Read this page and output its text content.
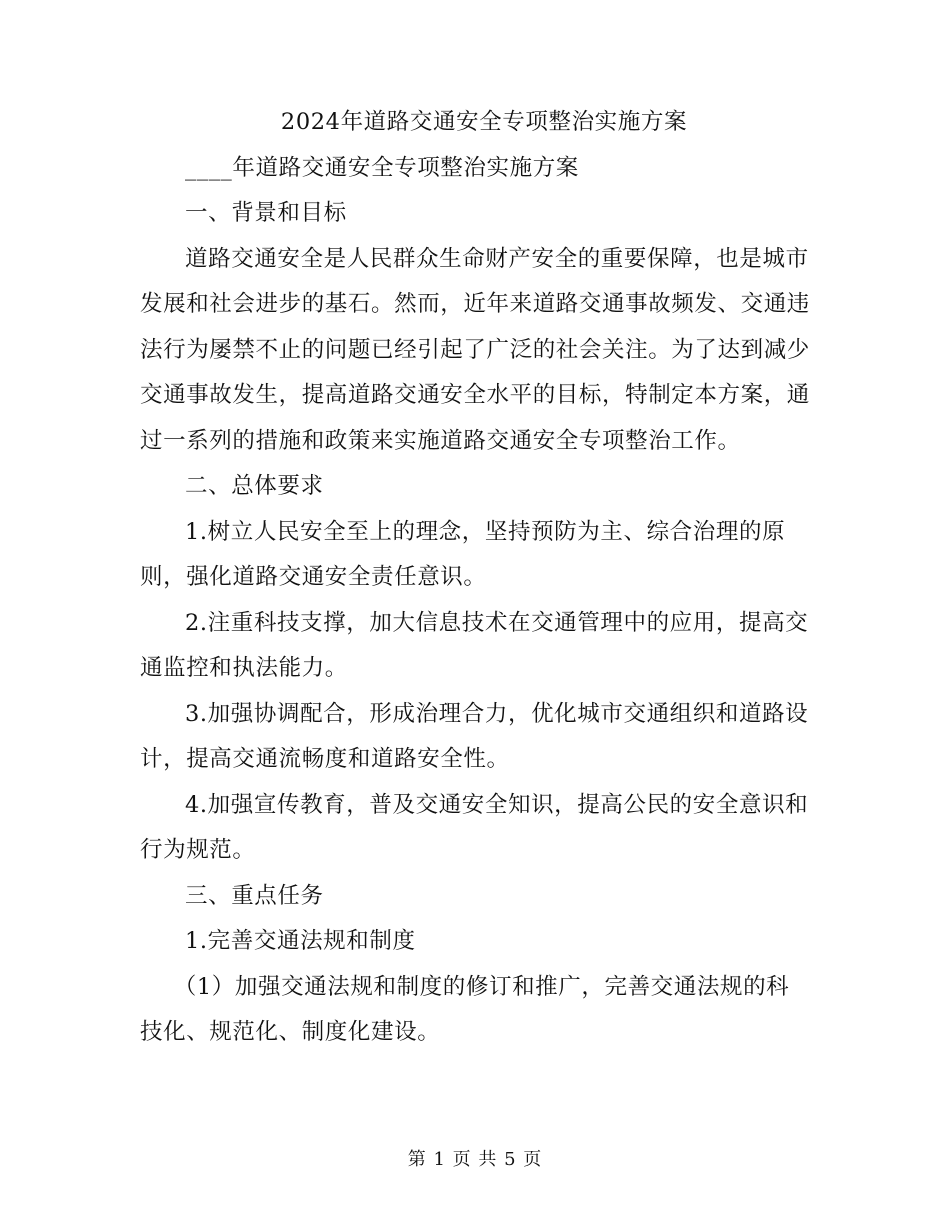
2024年道路交通安全专项整治实施方案

____年道路交通安全专项整治实施方案

一、背景和目标

道路交通安全是人民群众生命财产安全的重要保障，也是城市发展和社会进步的基石。然而，近年来道路交通事故频发、交通违法行为屡禁不止的问题已经引起了广泛的社会关注。为了达到减少交通事故发生，提高道路交通安全水平的目标，特制定本方案，通过一系列的措施和政策来实施道路交通安全专项整治工作。

二、总体要求

1.树立人民安全至上的理念，坚持预防为主、综合治理的原则，强化道路交通安全责任意识。

2.注重科技支撑，加大信息技术在交通管理中的应用，提高交通监控和执法能力。

3.加强协调配合，形成治理合力，优化城市交通组织和道路设计，提高交通流畅度和道路安全性。

4.加强宣传教育，普及交通安全知识，提高公民的安全意识和行为规范。

三、重点任务

1.完善交通法规和制度

（1）加强交通法规和制度的修订和推广，完善交通法规的科技化、规范化、制度化建设。

第 1 页 共 5 页
